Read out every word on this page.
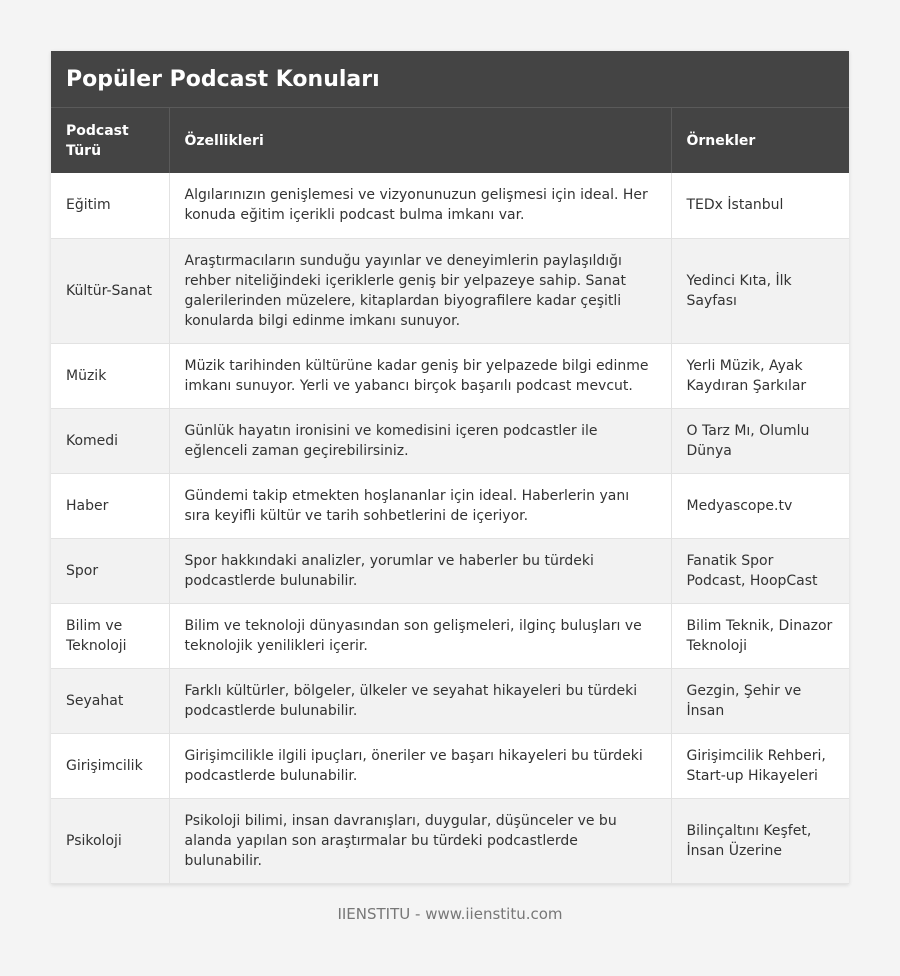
Popüler Podcast Konuları
Podcast Türü	Özellikleri	Örnekler
Eğitim	Algılarınızın genişlemesi ve vizyonunuzun gelişmesi için ideal. Her konuda eğitim içerikli podcast bulma imkanı var.	TEDx İstanbul
Kültür-Sanat	Araştırmacıların sunduğu yayınlar ve deneyimlerin paylaşıldığı rehber niteliğindeki içeriklerle geniş bir yelpazeye sahip. Sanat galerilerinden müzelere, kitaplardan biyografilere kadar çeşitli konularda bilgi edinme imkanı sunuyor.	Yedinci Kıta, İlk Sayfası
Müzik	Müzik tarihinden kültürüne kadar geniş bir yelpazede bilgi edinme imkanı sunuyor. Yerli ve yabancı birçok başarılı podcast mevcut.	Yerli Müzik, Ayak Kaydıran Şarkılar
Komedi	Günlük hayatın ironisini ve komedisini içeren podcastler ile eğlenceli zaman geçirebilirsiniz.	O Tarz Mı, Olumlu Dünya
Haber	Gündemi takip etmekten hoşlananlar için ideal. Haberlerin yanı sıra keyifli kültür ve tarih sohbetlerini de içeriyor.	Medyascope.tv
Spor	Spor hakkındaki analizler, yorumlar ve haberler bu türdeki podcastlerde bulunabilir.	Fanatik Spor Podcast, HoopCast
Bilim ve Teknoloji	Bilim ve teknoloji dünyasından son gelişmeleri, ilginç buluşları ve teknolojik yenilikleri içerir.	Bilim Teknik, Dinazor Teknoloji
Seyahat	Farklı kültürler, bölgeler, ülkeler ve seyahat hikayeleri bu türdeki podcastlerde bulunabilir.	Gezgin, Şehir ve İnsan
Girişimcilik	Girişimcilikle ilgili ipuçları, öneriler ve başarı hikayeleri bu türdeki podcastlerde bulunabilir.	Girişimcilik Rehberi, Start-up Hikayeleri
Psikoloji	Psikoloji bilimi, insan davranışları, duygular, düşünceler ve bu alanda yapılan son araştırmalar bu türdeki podcastlerde bulunabilir.	Bilinçaltını Keşfet, İnsan Üzerine
IIENSTITU - www.iienstitu.com
